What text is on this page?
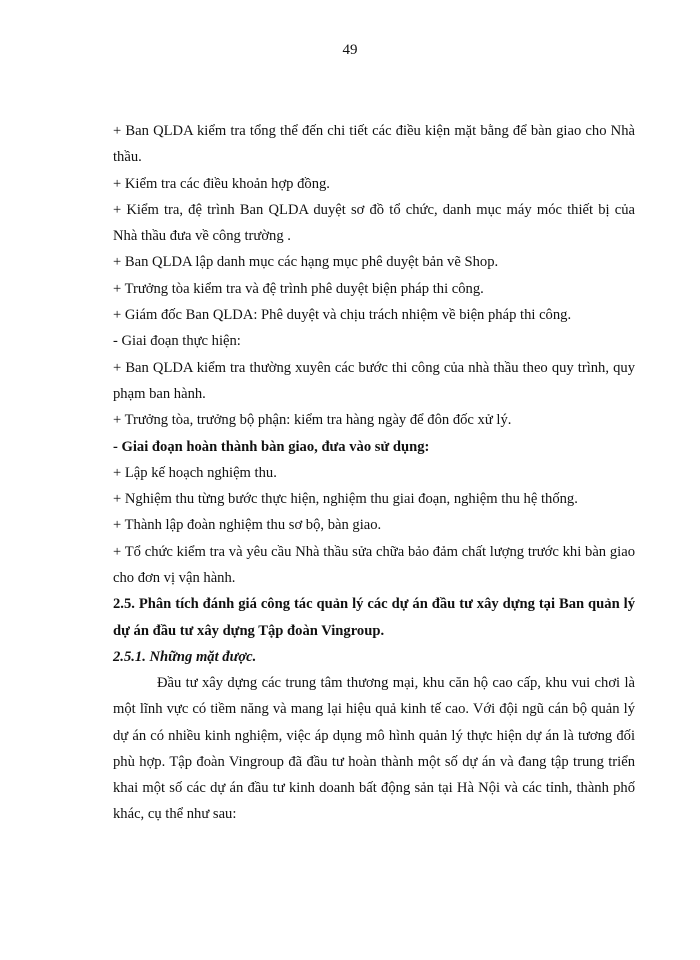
49

+ Ban QLDA kiểm tra tổng thể đến chi tiết các điều kiện mặt bằng để bàn giao cho Nhà thầu.

+ Kiểm tra các điều khoản hợp đồng.

+ Kiểm tra, đệ trình Ban QLDA duyệt sơ đồ tổ chức, danh mục máy móc thiết bị của Nhà thầu đưa về công trường .

+ Ban QLDA lập danh mục các hạng mục phê duyệt bản vẽ Shop.

+ Trưởng tòa kiểm tra và đệ trình phê duyệt biện pháp thi công.

+ Giám đốc Ban QLDA: Phê duyệt và chịu trách nhiệm về biện pháp thi công.

- Giai đoạn thực hiện:

+ Ban QLDA kiểm tra thường xuyên các bước thi công của nhà thầu theo quy trình, quy phạm ban hành.

+ Trưởng tòa, trưởng bộ phận: kiểm tra hàng ngày để đôn đốc xử lý.

- Giai đoạn hoàn thành bàn giao, đưa vào sử dụng:

+ Lập kế hoạch nghiệm thu.

+ Nghiệm thu từng bước thực hiện, nghiệm thu giai đoạn, nghiệm thu hệ thống.

+ Thành lập đoàn nghiệm thu sơ bộ, bàn giao.

+ Tổ chức kiểm tra và yêu cầu Nhà thầu sửa chữa bảo đảm chất lượng trước khi bàn giao cho đơn vị vận hành.

2.5. Phân tích đánh giá công tác quản lý các dự án đầu tư xây dựng tại Ban quản lý dự án đầu tư xây dựng Tập đoàn Vingroup.

2.5.1. Những mặt được.

Đầu tư xây dựng các trung tâm thương mại, khu căn hộ cao cấp, khu vui chơi là một lĩnh vực có tiềm năng và mang lại hiệu quả kinh tế cao. Với đội ngũ cán bộ quản lý dự án có nhiều kinh nghiệm, việc áp dụng mô hình quản lý thực hiện dự án là tương đối phù hợp. Tập đoàn Vingroup đã đầu tư hoàn thành một số dự án và đang tập trung triển khai một số các dự án đầu tư kinh doanh bất động sản tại Hà Nội và các tỉnh, thành phố khác, cụ thể như sau:
